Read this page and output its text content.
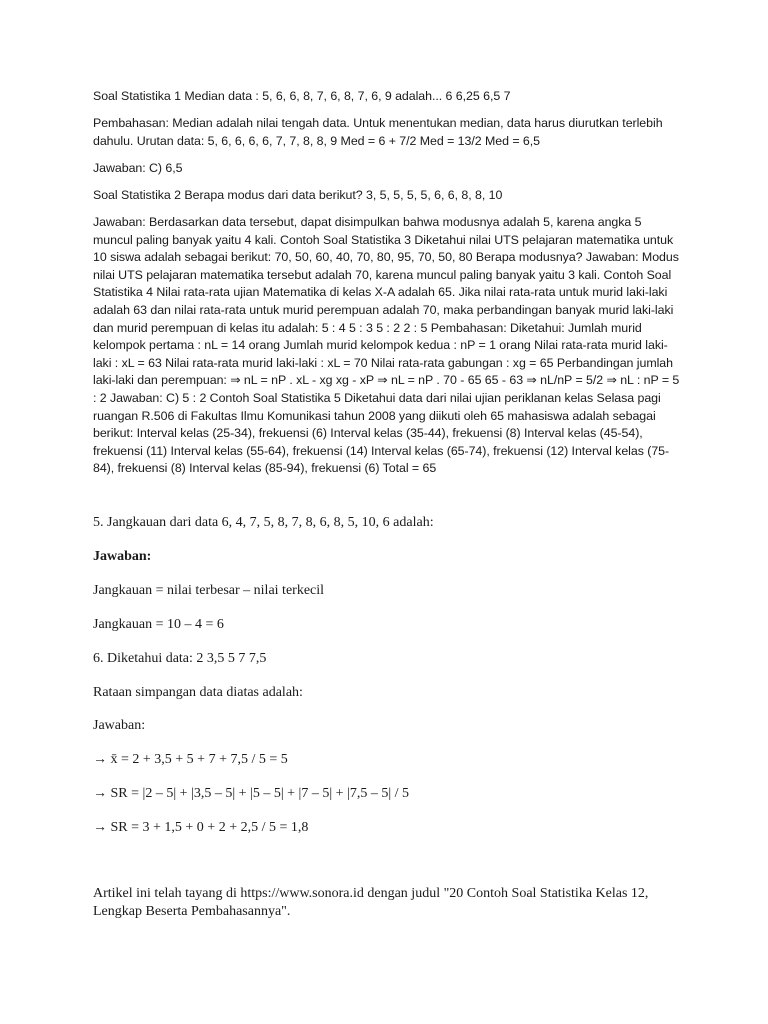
Soal Statistika 1 Median data : 5, 6, 6, 8, 7, 6, 8, 7, 6, 9 adalah... 6 6,25 6,5 7

Pembahasan: Median adalah nilai tengah data. Untuk menentukan median, data harus diurutkan terlebih dahulu. Urutan data: 5, 6, 6, 6, 6, 7, 7, 8, 8, 9 Med = 6 + 7/2 Med = 13/2 Med = 6,5

Jawaban: C) 6,5

Soal Statistika 2 Berapa modus dari data berikut? 3, 5, 5, 5, 5, 6, 6, 8, 8, 10

Jawaban: Berdasarkan data tersebut, dapat disimpulkan bahwa modusnya adalah 5, karena angka 5 muncul paling banyak yaitu 4 kali. Contoh Soal Statistika 3 Diketahui nilai UTS pelajaran matematika untuk 10 siswa adalah sebagai berikut: 70, 50, 60, 40, 70, 80, 95, 70, 50, 80 Berapa modusnya? Jawaban: Modus nilai UTS pelajaran matematika tersebut adalah 70, karena muncul paling banyak yaitu 3 kali. Contoh Soal Statistika 4 Nilai rata-rata ujian Matematika di kelas X-A adalah 65. Jika nilai rata-rata untuk murid laki-laki adalah 63 dan nilai rata-rata untuk murid perempuan adalah 70, maka perbandingan banyak murid laki-laki dan murid perempuan di kelas itu adalah: 5 : 4 5 : 3 5 : 2 2 : 5 Pembahasan: Diketahui: Jumlah murid kelompok pertama : nL = 14 orang Jumlah murid kelompok kedua : nP = 1 orang Nilai rata-rata murid laki-laki : xL = 63 Nilai rata-rata murid laki-laki : xL = 70 Nilai rata-rata gabungan : xg = 65 Perbandingan jumlah laki-laki dan perempuan: ⇒ nL = nP . xL - xg xg - xP ⇒ nL = nP . 70 - 65 65 - 63 ⇒ nL/nP = 5/2 ⇒ nL : nP = 5 : 2 Jawaban: C) 5 : 2 Contoh Soal Statistika 5 Diketahui data dari nilai ujian periklanan kelas Selasa pagi ruangan R.506 di Fakultas Ilmu Komunikasi tahun 2008 yang diikuti oleh 65 mahasiswa adalah sebagai berikut: Interval kelas (25-34), frekuensi (6) Interval kelas (35-44), frekuensi (8) Interval kelas (45-54), frekuensi (11) Interval kelas (55-64), frekuensi (14) Interval kelas (65-74), frekuensi (12) Interval kelas (75-84), frekuensi (8) Interval kelas (85-94), frekuensi (6) Total = 65

5. Jangkauan dari data 6, 4, 7, 5, 8, 7, 8, 6, 8, 5, 10, 6 adalah:

Jawaban:

Jangkauan = nilai terbesar – nilai terkecil

Jangkauan = 10 – 4 = 6

6. Diketahui data: 2 3,5 5 7 7,5

Rataan simpangan data diatas adalah:

Jawaban:

→ x̄ = 2 + 3,5 + 5 + 7 + 7,5 / 5 = 5

→ SR = |2 – 5| + |3,5 – 5| + |5 – 5| + |7 – 5| + |7,5 – 5| / 5

→ SR = 3 + 1,5 + 0 + 2 + 2,5 / 5 = 1,8

Artikel ini telah tayang di https://www.sonora.id dengan judul "20 Contoh Soal Statistika Kelas 12, Lengkap Beserta Pembahasannya".
